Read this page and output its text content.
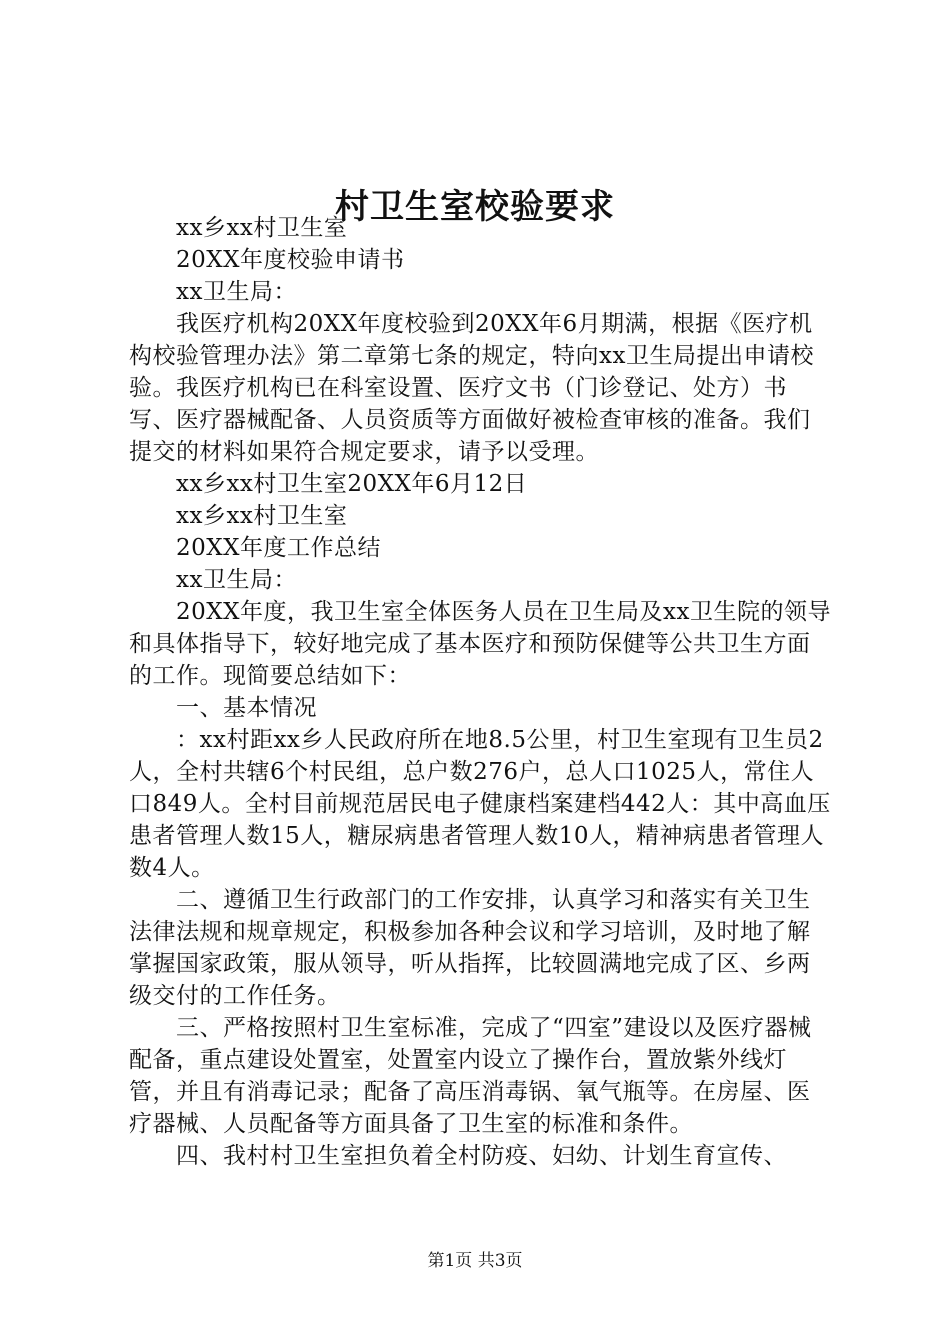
村卫生室校验要求

xx乡xx村卫生室

20XX年度校验申请书

xx卫生局：

我医疗机构20XX年度校验到20XX年6月期满，根据《医疗机构校验管理办法》第二章第七条的规定，特向xx卫生局提出申请校验。我医疗机构已在科室设置、医疗文书（门诊登记、处方）书写、医疗器械配备、人员资质等方面做好被检查审核的准备。我们提交的材料如果符合规定要求，请予以受理。

xx乡xx村卫生室20XX年6月12日

xx乡xx村卫生室

20XX年度工作总结

xx卫生局：

20XX年度，我卫生室全体医务人员在卫生局及xx卫生院的领导和具体指导下，较好地完成了基本医疗和预防保健等公共卫生方面的工作。现简要总结如下：

一、基本情况

：xx村距xx乡人民政府所在地8.5公里，村卫生室现有卫生员2人，全村共辖6个村民组，总户数276户，总人口1025人，常住人口849人。全村目前规范居民电子健康档案建档442人：其中高血压患者管理人数15人，糖尿病患者管理人数10人，精神病患者管理人数4人。

二、遵循卫生行政部门的工作安排，认真学习和落实有关卫生法律法规和规章规定，积极参加各种会议和学习培训，及时地了解掌握国家政策，服从领导，听从指挥，比较圆满地完成了区、乡两级交付的工作任务。

三、严格按照村卫生室标准，完成了“四室”建设以及医疗器械配备，重点建设处置室，处置室内设立了操作台，置放紫外线灯管，并且有消毒记录；配备了高压消毒锅、氧气瓶等。在房屋、医疗器械、人员配备等方面具备了卫生室的标准和条件。

四、我村村卫生室担负着全村防疫、妇幼、计划生育宣传、

第1页 共3页
